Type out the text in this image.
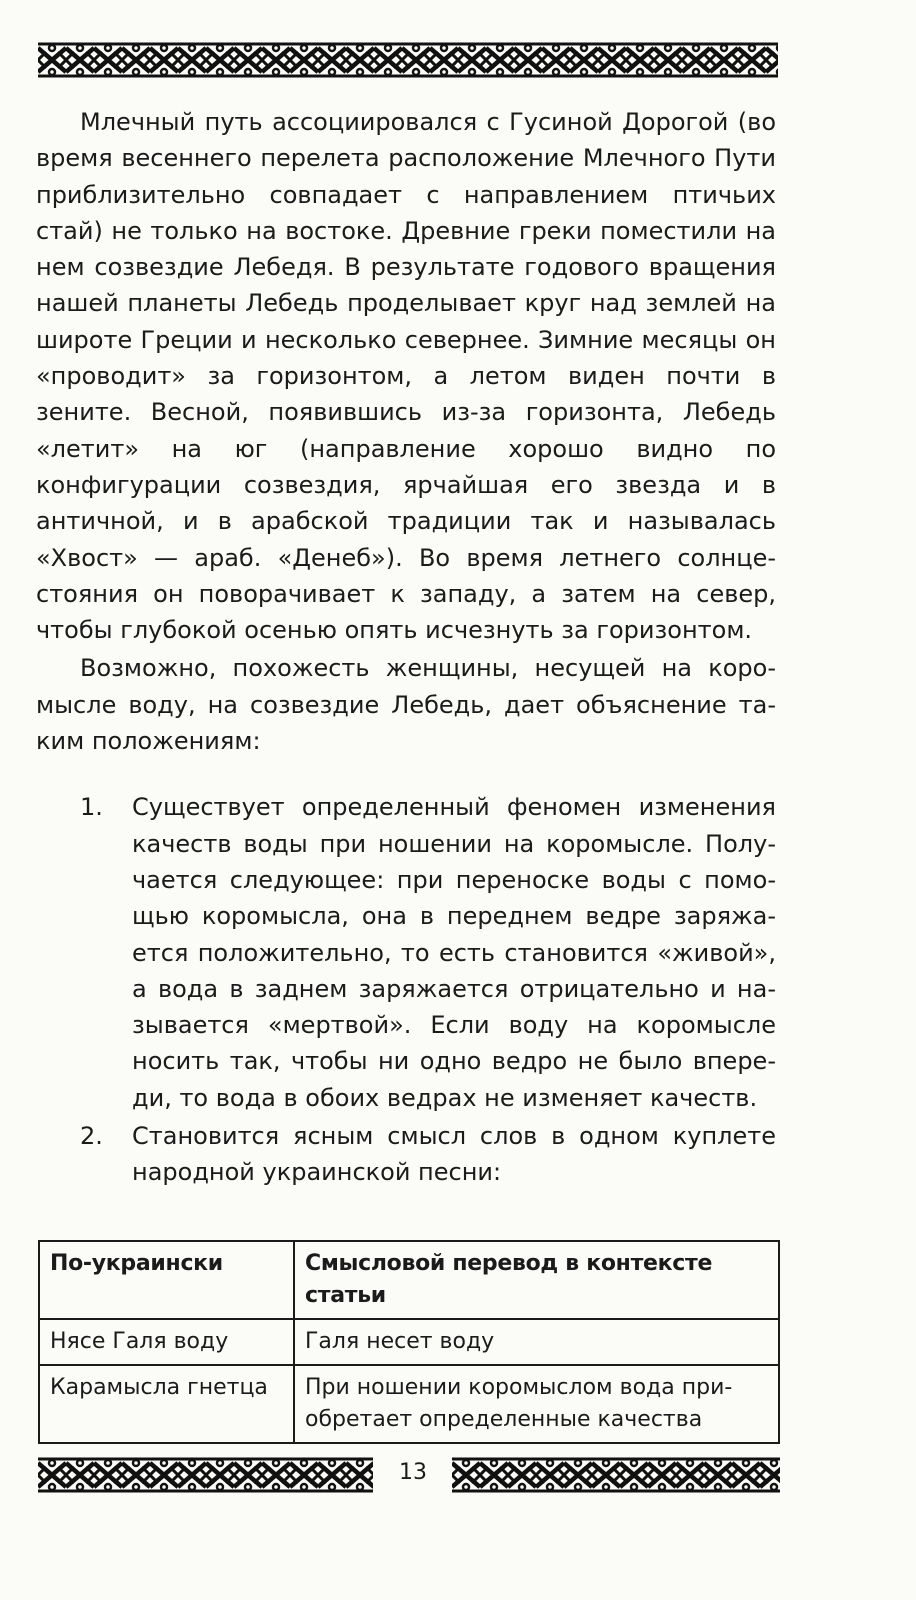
Млечный путь ассоциировался с Гусиной Дорогой (во время весеннего перелета расположение Млечного Пути приблизительно совпадает с направлением птичьих стай) не только на востоке. Древние греки поместили на нем созвездие Лебедя. В результате годового вращения нашей планеты Лебедь проделывает круг над землей на широте Греции и несколько севернее. Зимние месяцы он «проводит» за горизонтом, а летом виден почти в зените. Весной, появившись из-за горизонта, Лебедь «летит» на юг (направление хорошо видно по конфигурации созвездия, ярчайшая его звезда и в античной, и в арабской традиции так и называлась «Хвост» — араб. «Денеб»). Во время летнего солнцестояния он поворачивает к западу, а затем на север, чтобы глубокой осенью опять исчезнуть за горизонтом.

Возможно, похожесть женщины, несущей на коромысле воду, на созвездие Лебедь, дает объяснение таким положениям:

1.	Существует определенный феномен изменения качеств воды при ношении на коромысле. Получается следующее: при переноске воды с помощью коромысла, она в переднем ведре заряжается положительно, то есть становится «живой», а вода в заднем заряжается отрицательно и называется «мертвой». Если воду на коромысле носить так, чтобы ни одно ведро не было впереди, то вода в обоих ведрах не изменяет качеств.
2.	Становится ясным смысл слов в одном куплете народной украинской песни:
По-украински	Смысловой перевод в контексте статьи
Нясе Галя воду	Галя несет воду
Карамысла гнетца	При ношении коромыслом вода приобретает определенные качества
13
